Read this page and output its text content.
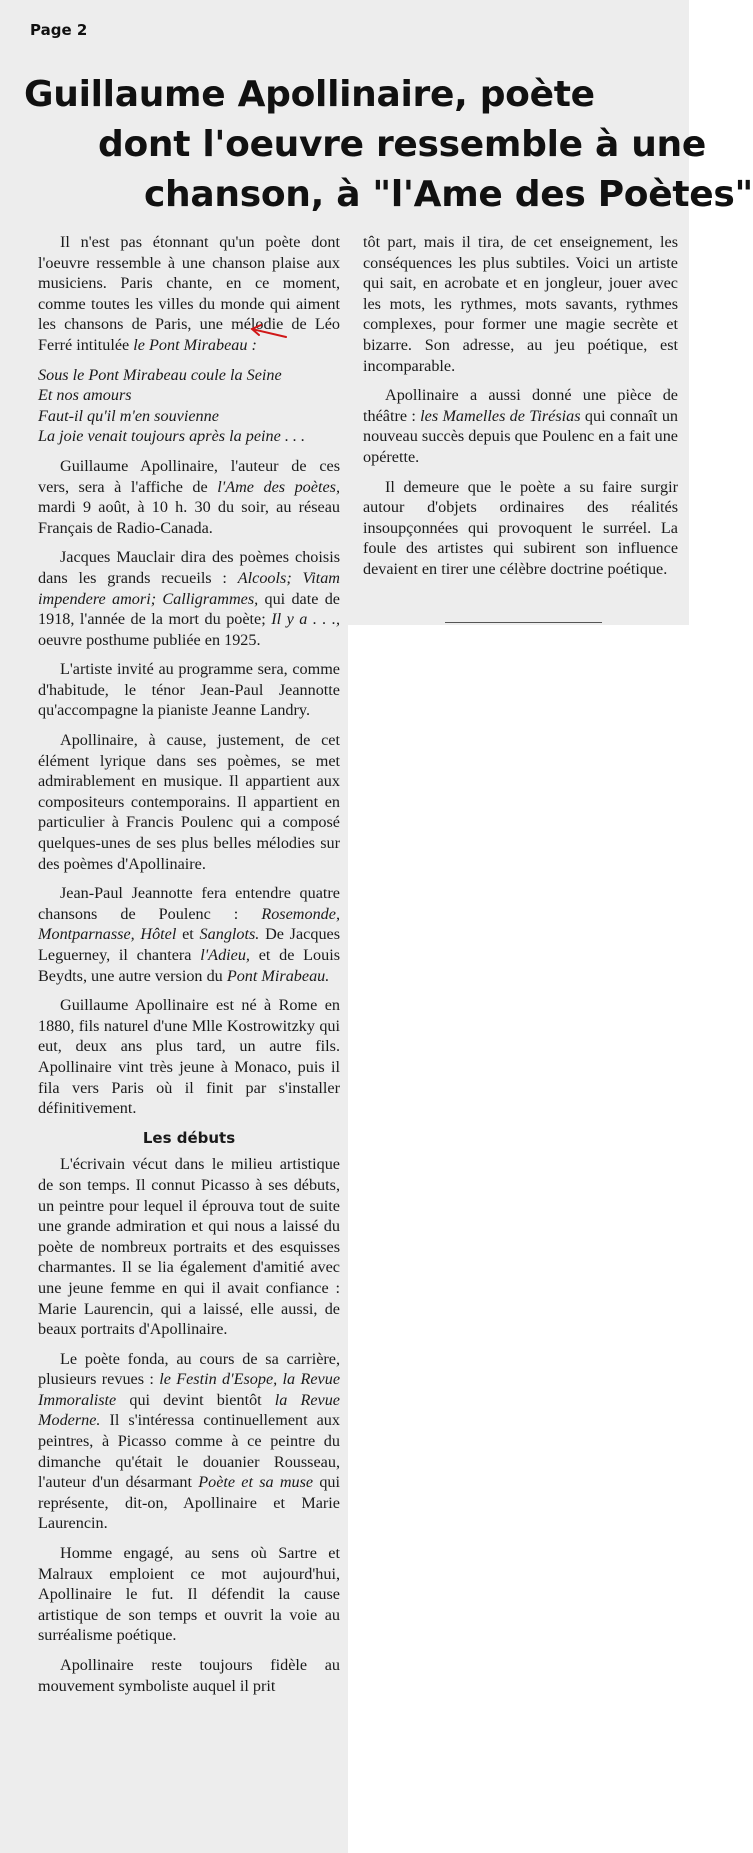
Page 2
Guillaume Apollinaire, poète
dont l'oeuvre ressemble à une
chanson, à "l'Ame des Poètes"

Il n'est pas étonnant qu'un poète dont l'oeuvre ressemble à une chanson plaise aux musiciens. Paris chante, en ce moment, comme toutes les villes du monde qui aiment les chansons de Paris, une mélodie de Léo Ferré intitulée le Pont Mirabeau :

Sous le Pont Mirabeau coule la Seine
Et nos amours
Faut-il qu'il m'en souvienne
La joie venait toujours après la peine . . .

Guillaume Apollinaire, l'auteur de ces vers, sera à l'affiche de l'Ame des poètes, mardi 9 août, à 10 h. 30 du soir, au réseau Français de Radio-Canada.

Jacques Mauclair dira des poèmes choisis dans les grands recueils : Alcools; Vitam impendere amori; Calligrammes, qui date de 1918, l'année de la mort du poète; Il y a . . ., oeuvre posthume publiée en 1925.

L'artiste invité au programme sera, comme d'habitude, le ténor Jean-Paul Jeannotte qu'accompagne la pianiste Jeanne Landry.

Apollinaire, à cause, justement, de cet élément lyrique dans ses poèmes, se met admirablement en musique. Il appartient aux compositeurs contemporains. Il appartient en particulier à Francis Poulenc qui a composé quelques-unes de ses plus belles mélodies sur des poèmes d'Apollinaire.

Jean-Paul Jeannotte fera entendre quatre chansons de Poulenc : Rosemonde, Montparnasse, Hôtel et Sanglots. De Jacques Leguerney, il chantera l'Adieu, et de Louis Beydts, une autre version du Pont Mirabeau.

Guillaume Apollinaire est né à Rome en 1880, fils naturel d'une Mlle Kostrowitzky qui eut, deux ans plus tard, un autre fils. Apollinaire vint très jeune à Monaco, puis il fila vers Paris où il finit par s'installer définitivement.

Les débuts

L'écrivain vécut dans le milieu artistique de son temps. Il connut Picasso à ses débuts, un peintre pour lequel il éprouva tout de suite une grande admiration et qui nous a laissé du poète de nombreux portraits et des esquisses charmantes. Il se lia également d'amitié avec une jeune femme en qui il avait confiance : Marie Laurencin, qui a laissé, elle aussi, de beaux portraits d'Apollinaire.

Le poète fonda, au cours de sa carrière, plusieurs revues : le Festin d'Esope, la Revue Immoraliste qui devint bientôt la Revue Moderne. Il s'intéressa continuellement aux peintres, à Picasso comme à ce peintre du dimanche qu'était le douanier Rousseau, l'auteur d'un désarmant Poète et sa muse qui représente, dit-on, Apollinaire et Marie Laurencin.

Homme engagé, au sens où Sartre et Malraux emploient ce mot aujourd'hui, Apollinaire le fut. Il défendit la cause artistique de son temps et ouvrit la voie au surréalisme poétique.

Apollinaire reste toujours fidèle au mouvement symboliste auquel il prit

tôt part, mais il tira, de cet enseignement, les conséquences les plus subtiles. Voici un artiste qui sait, en acrobate et en jongleur, jouer avec les mots, les rythmes, mots savants, rythmes complexes, pour former une magie secrète et bizarre. Son adresse, au jeu poétique, est incomparable.

Apollinaire a aussi donné une pièce de théâtre : les Mamelles de Tirésias qui connaît un nouveau succès depuis que Poulenc en a fait une opérette.

Il demeure que le poète a su faire surgir autour d'objets ordinaires des réalités insoupçonnées qui provoquent le surréel. La foule des artistes qui subirent son influence devaient en tirer une célèbre doctrine poétique.
